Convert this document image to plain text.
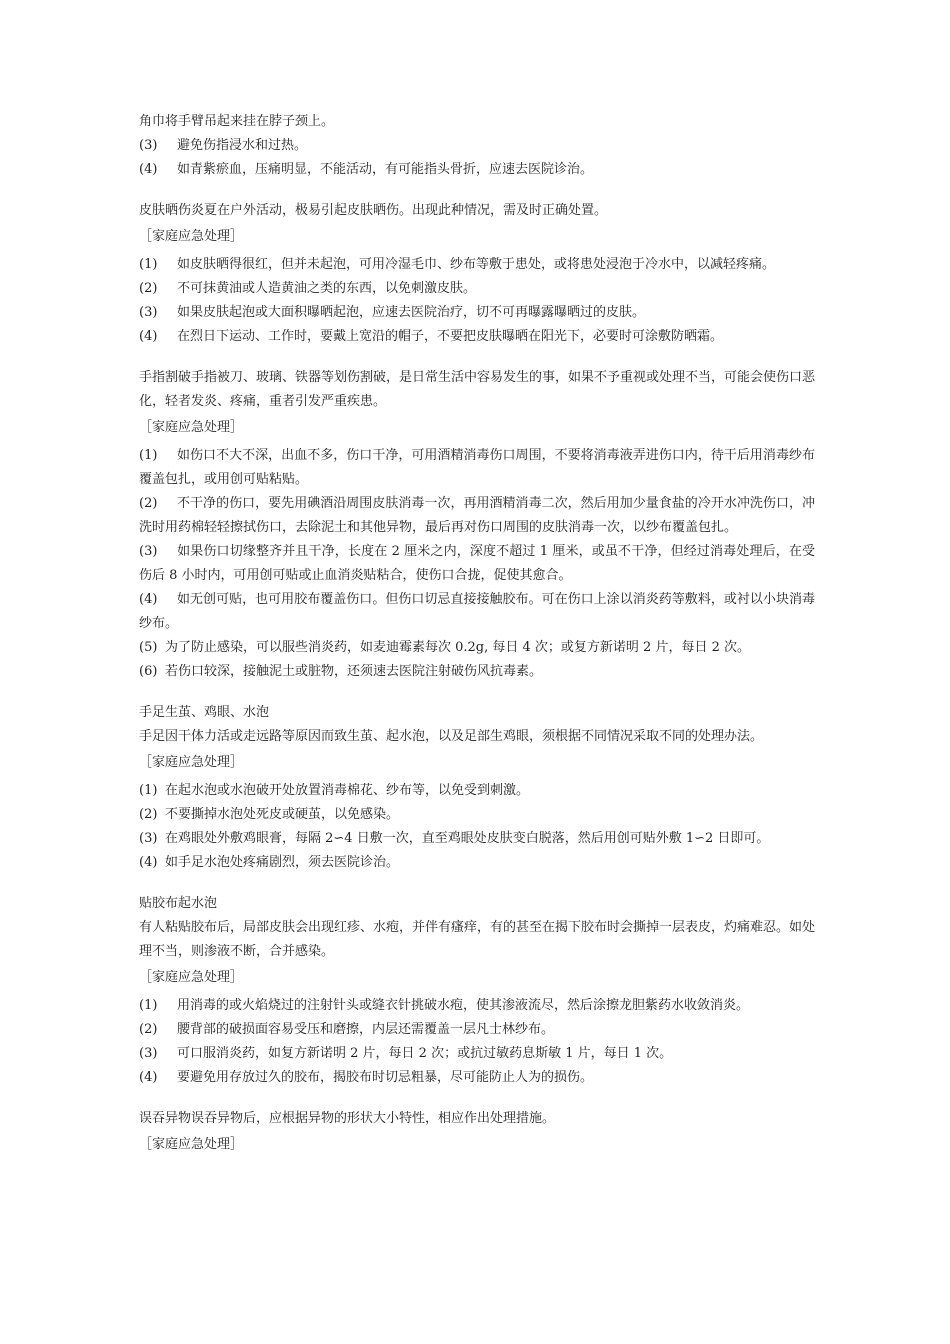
角巾将手臂吊起来挂在脖子颈上。

(3)	避免伤指浸水和过热。
(4)	如青紫瘀血，压痛明显，不能活动，有可能指头骨折，应速去医院诊治。

皮肤晒伤炎夏在户外活动，极易引起皮肤晒伤。出现此种情况，需及时正确处置。

［家庭应急处理］

(1)	如皮肤晒得很红，但并未起泡，可用冷湿毛巾、纱布等敷于患处，或将患处浸泡于冷水中，以减轻疼痛。
(2)	不可抹黄油或人造黄油之类的东西，以免刺激皮肤。
(3)	如果皮肤起泡或大面积曝晒起泡，应速去医院治疗，切不可再曝露曝晒过的皮肤。
(4)	在烈日下运动、工作时，要戴上宽沿的帽子，不要把皮肤曝晒在阳光下，必要时可涂敷防晒霜。

手指割破手指被刀、玻璃、铁器等划伤割破，是日常生活中容易发生的事，如果不予重视或处理不当，可能会使伤口恶化，轻者发炎、疼痛，重者引发严重疾患。

［家庭应急处理］

(1) 如伤口不大不深，出血不多，伤口干净，可用酒精消毒伤口周围，不要将消毒液弄进伤口内，待干后用消毒纱布覆盖包扎，或用创可贴粘贴。

(2) 不干净的伤口，要先用碘酒沿周围皮肤消毒一次，再用酒精消毒二次，然后用加少量食盐的冷开水冲洗伤口，冲洗时用药棉轻轻擦拭伤口，去除泥土和其他异物，最后再对伤口周围的皮肤消毒一次，以纱布覆盖包扎。

(3) 如果伤口切缘整齐并且干净，长度在 2 厘米之内，深度不超过 1 厘米，或虽不干净，但经过消毒处理后，在受伤后 8 小时内，可用创可贴或止血消炎贴粘合，使伤口合拢，促使其愈合。

(4) 如无创可贴，也可用胶布覆盖伤口。但伤口切忌直接接触胶布。可在伤口上涂以消炎药等敷料，或衬以小块消毒纱布。

(5) 为了防止感染，可以服些消炎药，如麦迪霉素每次 0.2g, 每日 4 次；或复方新诺明 2 片，每日 2 次。
(6) 若伤口较深，接触泥土或脏物，还须速去医院注射破伤风抗毒素。

手足生茧、鸡眼、水泡

手足因干体力活或走远路等原因而致生茧、起水泡，以及足部生鸡眼，须根据不同情况采取不同的处理办法。

［家庭应急处理］

(1) 在起水泡或水泡破开处放置消毒棉花、纱布等，以免受到刺激。
(2) 不要撕掉水泡处死皮或硬茧，以免感染。
(3) 在鸡眼处外敷鸡眼膏，每隔 2∽4 日敷一次，直至鸡眼处皮肤变白脱落，然后用创可贴外敷 1∽2 日即可。
(4) 如手足水泡处疼痛剧烈，须去医院诊治。

贴胶布起水泡

有人粘贴胶布后，局部皮肤会出现红疹、水疱，并伴有瘙痒，有的甚至在揭下胶布时会撕掉一层表皮，灼痛难忍。如处理不当，则渗液不断，合并感染。

［家庭应急处理］

(1)	用消毒的或火焰烧过的注射针头或缝衣针挑破水疱，使其渗液流尽，然后涂擦龙胆紫药水收敛消炎。
(2)	腰背部的破损面容易受压和磨擦，内层还需覆盖一层凡士林纱布。
(3)	可口服消炎药，如复方新诺明 2 片，每日 2 次；或抗过敏药息斯敏 1 片，每日 1 次。
(4)	要避免用存放过久的胶布，揭胶布时切忌粗暴，尽可能防止人为的损伤。

误吞异物误吞异物后，应根据异物的形状大小特性，相应作出处理措施。

［家庭应急处理］
